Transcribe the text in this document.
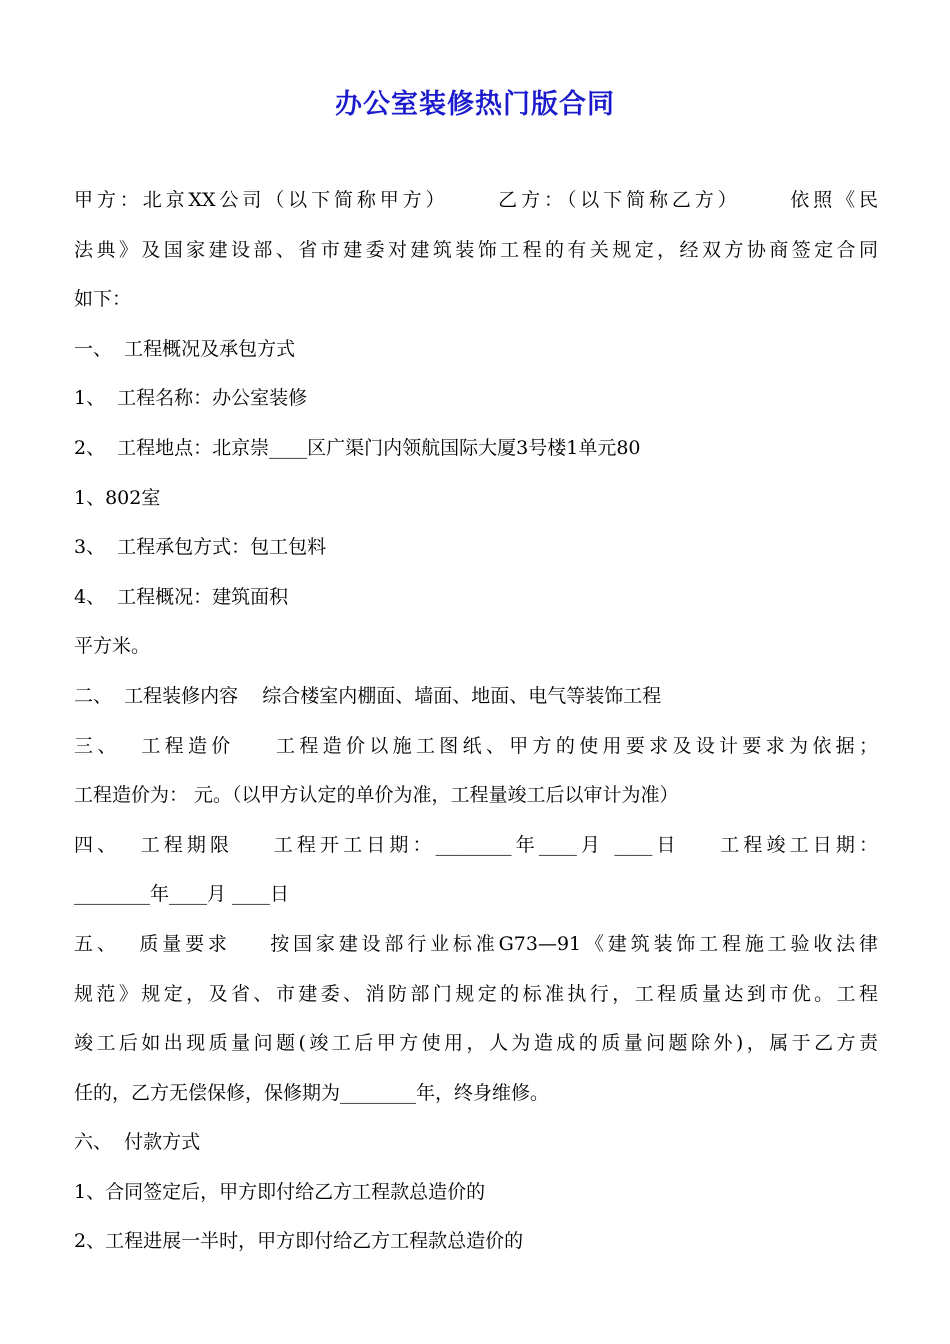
办公室装修热门版合同
甲方：北京XX公司（以下简称甲方）     乙方：（以下简称乙方）     依照《民
法典》及国家建设部、省市建委对建筑装饰工程的有关规定，经双方协商签定合同
如下：
一、  工程概况及承包方式
1、  工程名称：办公室装修
2、  工程地点：北京崇____区广渠门内领航国际大厦3号楼1单元80
1、802室
3、  工程承包方式：包工包料
4、  工程概况：建筑面积
平方米。
二、  工程装修内容    综合楼室内棚面、墙面、地面、电气等装饰工程
三、  工程造价    工程造价以施工图纸、甲方的使用要求及设计要求为依据；
工程造价为： 元。（以甲方认定的单价为准，工程量竣工后以审计为准）
四、  工程期限    工程开工日期：________年____月 ____日    工程竣工日期：
________年____月 ____日
五、  质量要求    按国家建设部行业标准G73—91《建筑装饰工程施工验收法律
规范》规定，及省、市建委、消防部门规定的标准执行，工程质量达到市优。工程
竣工后如出现质量问题(竣工后甲方使用，人为造成的质量问题除外)，属于乙方责
任的，乙方无偿保修，保修期为________年，终身维修。
六、  付款方式
1、合同签定后，甲方即付给乙方工程款总造价的
2、工程进展一半时，甲方即付给乙方工程款总造价的
